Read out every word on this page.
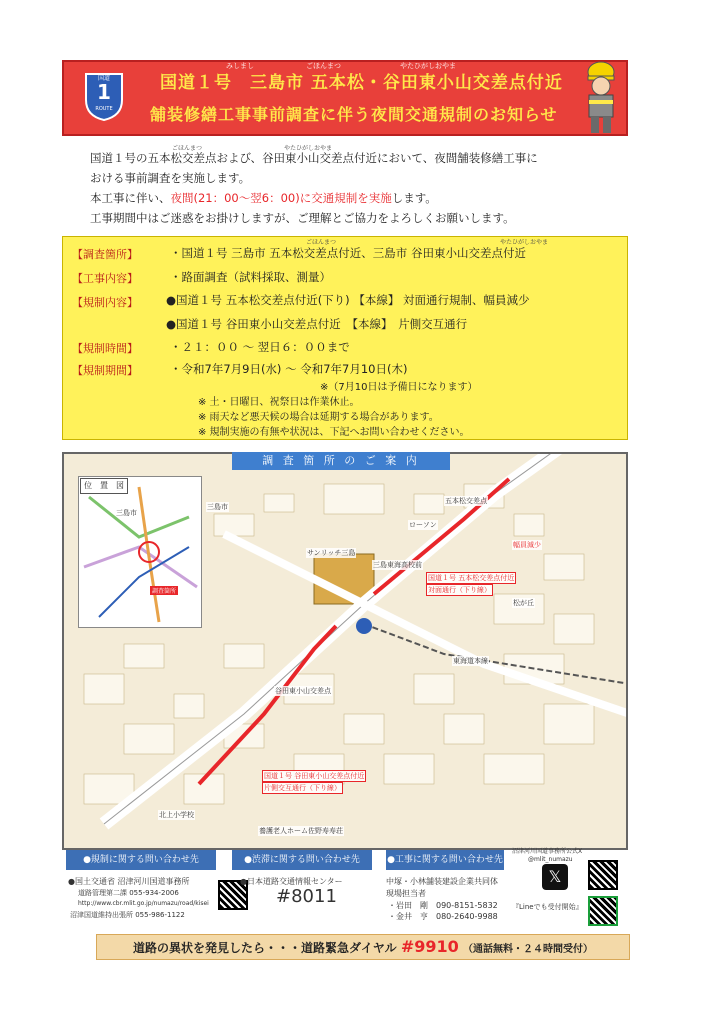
国道
1
ROUTE
みしまし	ごほんまつ	やたひがしおやま
国道１号　三島市 五本松・谷田東小山交差点付近
舗装修繕工事事前調査に伴う夜間交通規制のお知らせ
ごほんまつ	やたひがしおやま

国道１号の五本松交差点および、谷田東小山交差点付近において、夜間舗装修繕工事に

おける事前調査を実施します。

本工事に伴い、夜間(21：00〜翌6：00)に交通規制を実施します。

工事期間中はご迷惑をお掛けしますが、ご理解とご協力をよろしくお願いします。

ごほんまつ	やたひがしおやま
【調査箇所】	・国道１号 三島市 五本松交差点付近、三島市 谷田東小山交差点付近
【工事内容】	・路面調査（試料採取、測量）
【規制内容】 ●国道１号 五本松交差点付近(下り) 【本線】 対面通行規制、幅員減少
●国道１号 谷田東小山交差点付近　【本線】　片側交互通行
【規制時間】	・２１：００ 〜 翌日６：００まで
【規制期間】	・令和7年7月9日(水) 〜 令和7年7月10日(木)
※（7月10日は予備日になります）
※ 土・日曜日、祝祭日は作業休止。
※ 雨天など悪天候の場合は延期する場合があります。
※ 規制実施の有無や状況は、下記へお問い合わせください。
調 査 箇 所 の ご 案 内
位　置　図
三島市
調査箇所
三島市
五本松交差点
ローソン
サンリッチ三島
三島東海高校前
松が丘
東海道本線
谷田東小山交差点
北上小学校
養護老人ホーム佐野寿寿荘
国道１号 五本松交差点付近
対面通行（下り線）
幅員減少
国道１号 谷田東小山交差点付近
片側交互通行（下り線）
●規制に関する問い合わせ先	●渋滞に関する問い合わせ先	●工事に関する問い合わせ先
●国土交通省 沼津河川国道事務所
道路管理第二課 055-934-2006
http://www.cbr.mlit.go.jp/numazu/road/kisei
沼津国道維持出張所 055-986-1122
●日本道路交通情報センター
#8011
中塚・小林舗装建設企業共同体
現場担当者
・岩田　剛　090-8151-5832
・金井　亨　080-2640-9988
沼津河川国道事務所公式X
@mlit_numazu
𝕏
『Lineでも受付開始』
道路の異状を発見したら・・・道路緊急ダイヤル #9910 （通話無料・２４時間受付）
